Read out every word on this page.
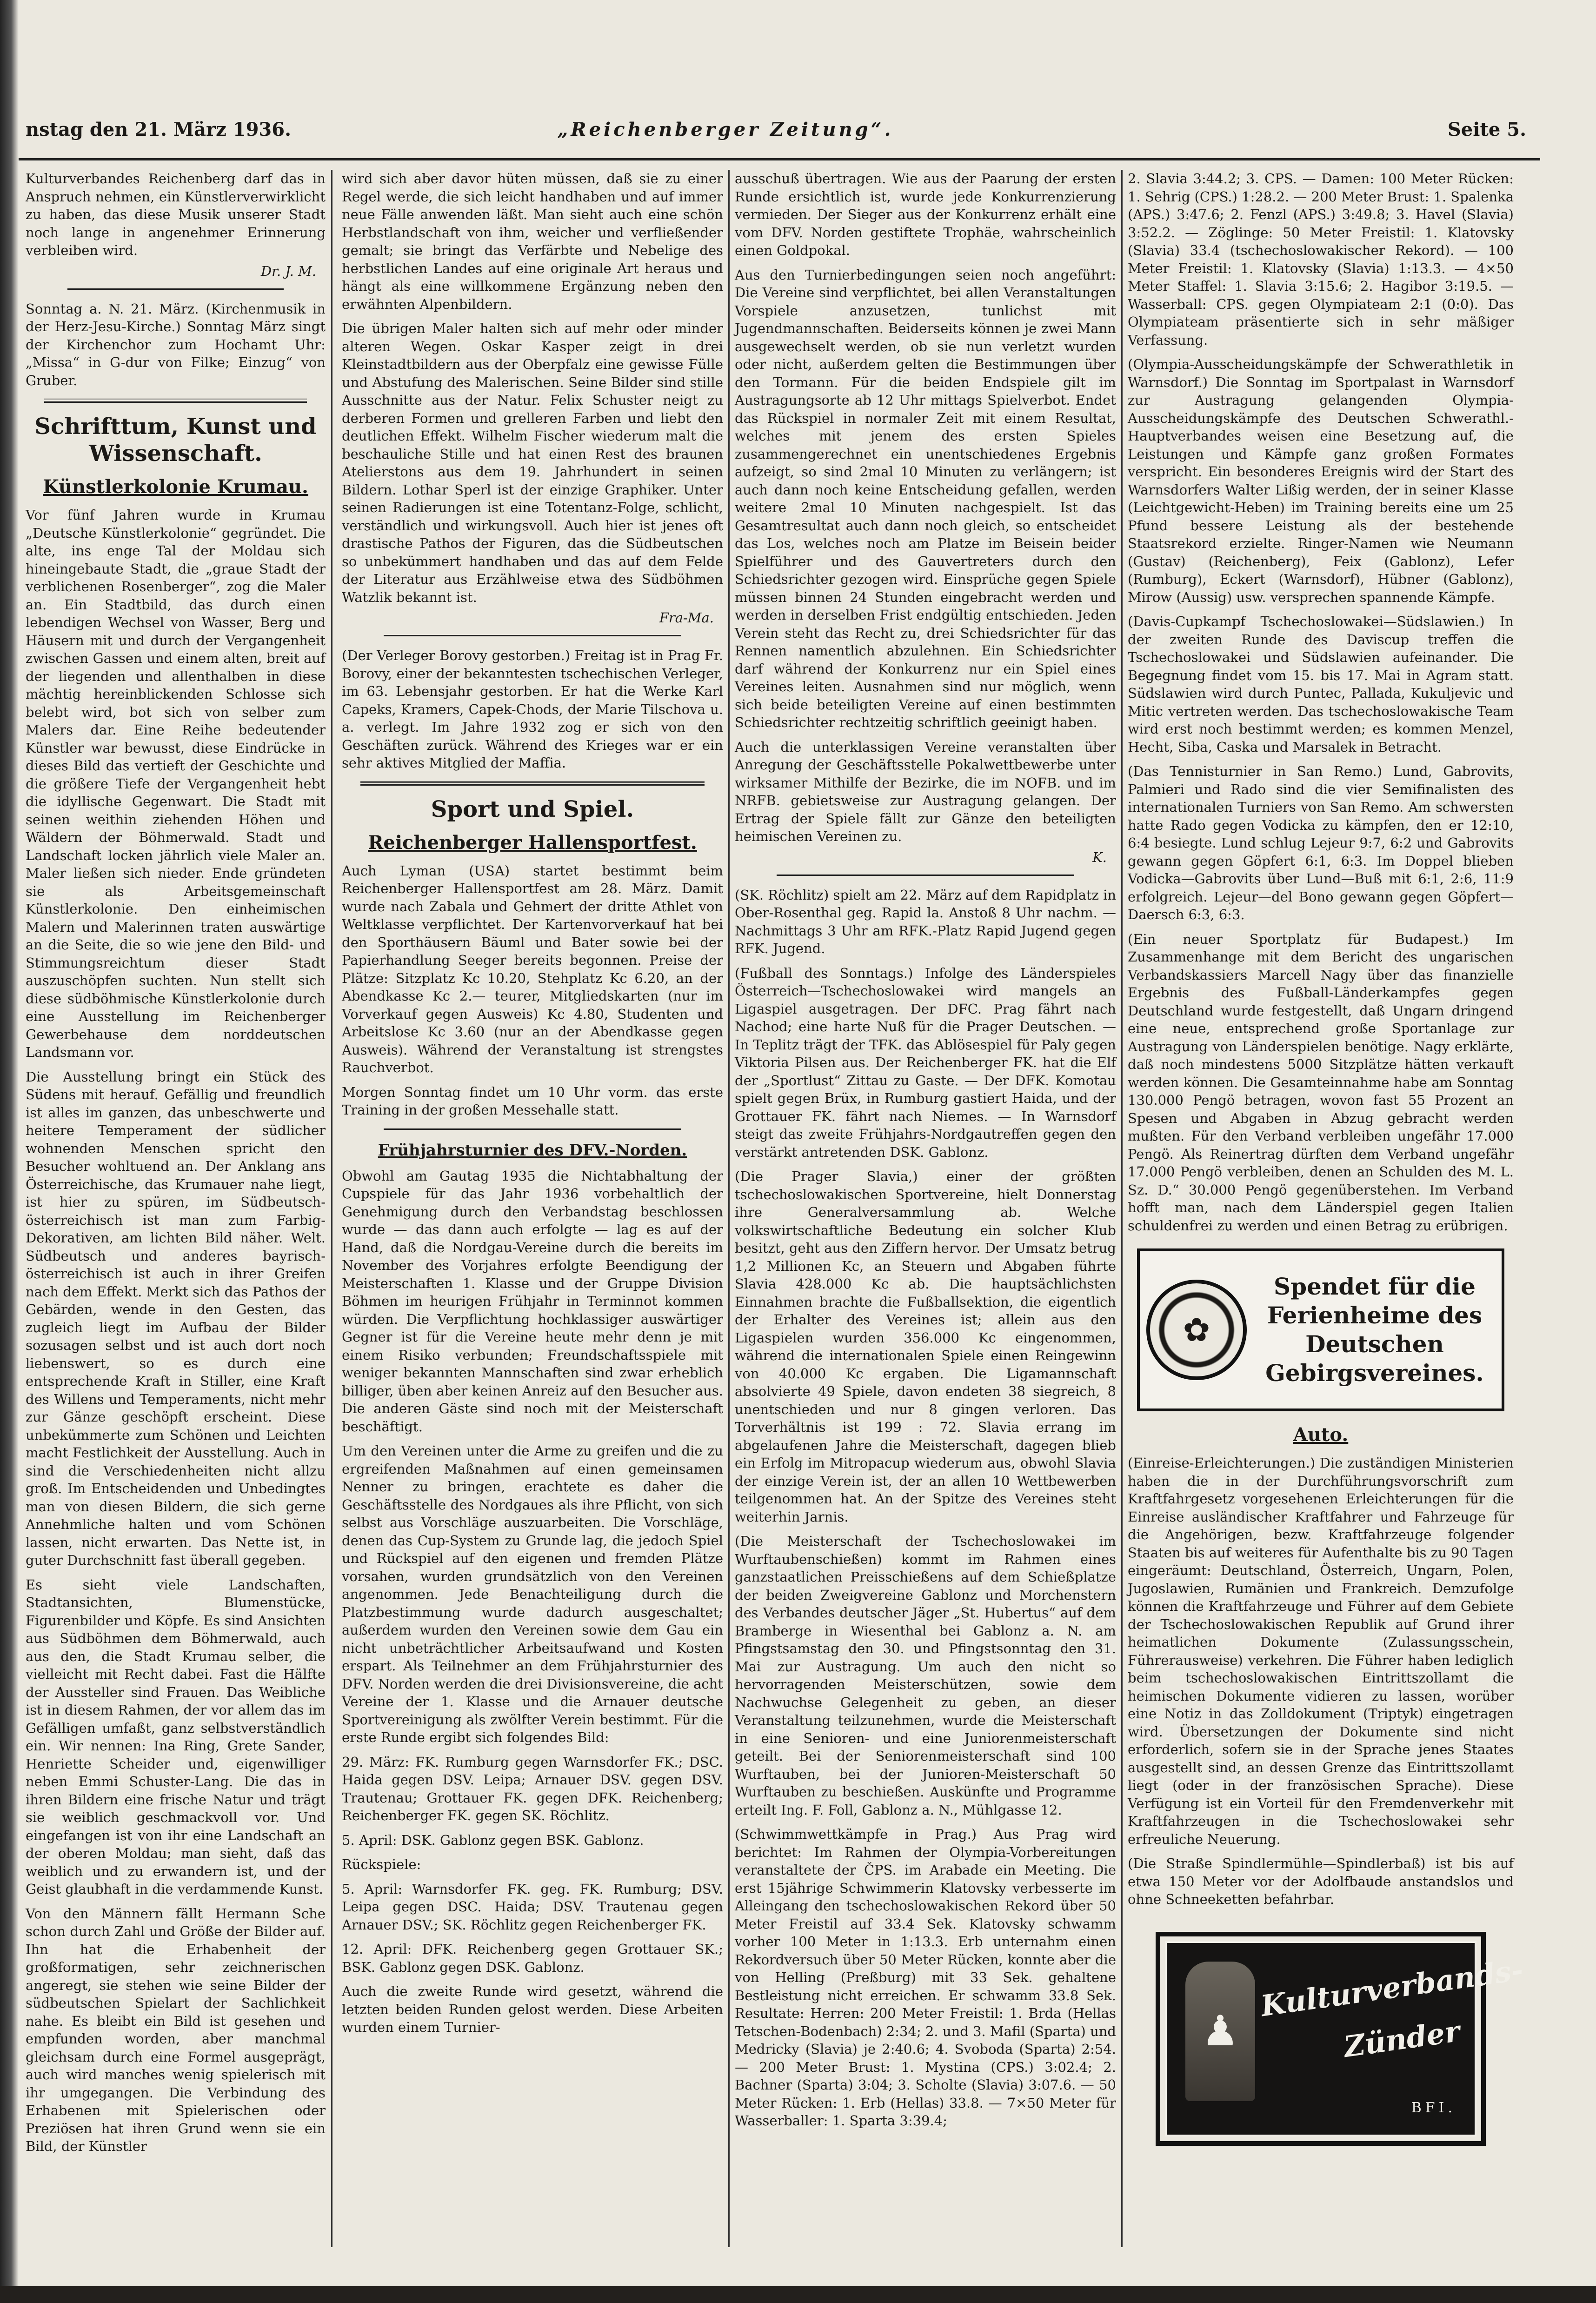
nstag den 21. März 1936.	„Reichenberger Zeitung“.	Seite 5.

Kulturverbandes Reichenberg darf das in Anspruch nehmen, ein Künstlerverwirklicht zu haben, das diese Musik unserer Stadt noch lange in angenehmer Erinnerung verbleiben wird.

Dr. J. M.

Sonntag a. N. 21. März. (Kirchenmusik in der Herz-Jesu-Kirche.) Sonntag März singt der Kirchenchor zum Hochamt Uhr: „Missa“ in G-dur von Filke; Einzug“ von Gruber.

Schrifttum, Kunst und Wissenschaft.
Künstlerkolonie Krumau.

Vor fünf Jahren wurde in Krumau „Deutsche Künstlerkolonie“ gegründet. Die alte, ins enge Tal der Moldau sich hineingebaute Stadt, die „graue Stadt der verblichenen Rosenberger“, zog die Maler an. Ein Stadtbild, das durch einen lebendigen Wechsel von Wasser, Berg und Häusern mit und durch der Vergangenheit zwischen Gassen und einem alten, breit auf der liegenden und allenthalben in diese mächtig hereinblickenden Schlosse sich belebt wird, bot sich von selber zum Malers dar. Eine Reihe bedeutender Künstler war bewusst, diese Eindrücke in dieses Bild das vertieft der Geschichte und die größere Tiefe der Vergangenheit hebt die idyllische Gegenwart. Die Stadt mit seinen weithin ziehenden Höhen und Wäldern der Böhmerwald. Stadt und Landschaft locken jährlich viele Maler an. Maler ließen sich nieder. Ende gründeten sie als Arbeitsgemeinschaft Künstlerkolonie. Den einheimischen Malern und Malerinnen traten auswärtige an die Seite, die so wie jene den Bild- und Stimmungsreichtum dieser Stadt auszuschöpfen suchten. Nun stellt sich diese südböhmische Künstlerkolonie durch eine Ausstellung im Reichenberger Gewerbehause dem norddeutschen Landsmann vor.

Die Ausstellung bringt ein Stück des Südens mit herauf. Gefällig und freundlich ist alles im ganzen, das unbeschwerte und heitere Temperament der südlicher wohnenden Menschen spricht den Besucher wohltuend an. Der Anklang ans Österreichische, das Krumauer nahe liegt, ist hier zu spüren, im Südbeutsch-österreichisch ist man zum Farbig-Dekorativen, am lichten Bild näher. Welt. Südbeutsch und anderes bayrisch-österreichisch ist auch in ihrer Greifen nach dem Effekt. Merkt sich das Pathos der Gebärden, wende in den Gesten, das zugleich liegt im Aufbau der Bilder sozusagen selbst und ist auch dort noch liebenswert, so es durch eine entsprechende Kraft in Stiller, eine Kraft des Willens und Temperaments, nicht mehr zur Gänze geschöpft erscheint. Diese unbekümmerte zum Schönen und Leichten macht Festlichkeit der Ausstellung. Auch in sind die Verschiedenheiten nicht allzu groß. Im Entscheidenden und Unbedingtes man von diesen Bildern, die sich gerne Annehmliche halten und vom Schönen lassen, nicht erwarten. Das Nette ist, in guter Durchschnitt fast überall gegeben.

Es sieht viele Landschaften, Stadtansichten, Blumenstücke, Figurenbilder und Köpfe. Es sind Ansichten aus Südböhmen dem Böhmerwald, auch aus den, die Stadt Krumau selber, die vielleicht mit Recht dabei. Fast die Hälfte der Aussteller sind Frauen. Das Weibliche ist in diesem Rahmen, der vor allem das im Gefälligen umfaßt, ganz selbstverständlich ein. Wir nennen: Ina Ring, Grete Sander, Henriette Scheider und, eigenwilliger neben Emmi Schuster-Lang. Die das in ihren Bildern eine frische Natur und trägt sie weiblich geschmackvoll vor. Und eingefangen ist von ihr eine Landschaft an der oberen Moldau; man sieht, daß das weiblich und zu erwandern ist, und der Geist glaubhaft in die verdammende Kunst.

Von den Männern fällt Hermann Sche schon durch Zahl und Größe der Bilder auf. Ihn hat die Erhabenheit der großformatigen, sehr zeichnerischen angeregt, sie stehen wie seine Bilder der südbeutschen Spielart der Sachlichkeit nahe. Es bleibt ein Bild ist gesehen und empfunden worden, aber manchmal gleichsam durch eine Formel ausgeprägt, auch wird manches wenig spielerisch mit ihr umgegangen. Die Verbindung des Erhabenen mit Spielerischen oder Preziösen hat ihren Grund wenn sie ein Bild, der Künstler

wird sich aber davor hüten müssen, daß sie zu einer Regel werde, die sich leicht handhaben und auf immer neue Fälle anwenden läßt. Man sieht auch eine schön Herbstlandschaft von ihm, weicher und verfließender gemalt; sie bringt das Verfärbte und Nebelige des herbstlichen Landes auf eine originale Art heraus und hängt als eine willkommene Ergänzung neben den erwähnten Alpenbildern.

Die übrigen Maler halten sich auf mehr oder minder alteren Wegen. Oskar Kasper zeigt in drei Kleinstadtbildern aus der Oberpfalz eine gewisse Fülle und Abstufung des Malerischen. Seine Bilder sind stille Ausschnitte aus der Natur. Felix Schuster neigt zu derberen Formen und grelleren Farben und liebt den deutlichen Effekt. Wilhelm Fischer wiederum malt die beschauliche Stille und hat einen Rest des braunen Atelierstons aus dem 19. Jahrhundert in seinen Bildern. Lothar Sperl ist der einzige Graphiker. Unter seinen Radierungen ist eine Totentanz-Folge, schlicht, verständlich und wirkungsvoll. Auch hier ist jenes oft drastische Pathos der Figuren, das die Südbeutschen so unbekümmert handhaben und das auf dem Felde der Literatur aus Erzählweise etwa des Südböhmen Watzlik bekannt ist.

Fra-Ma.

(Der Verleger Borovy gestorben.) Freitag ist in Prag Fr. Borovy, einer der bekanntesten tschechischen Verleger, im 63. Lebensjahr gestorben. Er hat die Werke Karl Capeks, Kramers, Capek-Chods, der Marie Tilschova u. a. verlegt. Im Jahre 1932 zog er sich von den Geschäften zurück. Während des Krieges war er ein sehr aktives Mitglied der Maffia.

Sport und Spiel.
Reichenberger Hallensportfest.

Auch Lyman (USA) startet bestimmt beim Reichenberger Hallensportfest am 28. März. Damit wurde nach Zabala und Gehmert der dritte Athlet von Weltklasse verpflichtet. Der Kartenvorverkauf hat bei den Sporthäusern Bäuml und Bater sowie bei der Papierhandlung Seeger bereits begonnen. Preise der Plätze: Sitzplatz Kc 10.20, Stehplatz Kc 6.20, an der Abendkasse Kc 2.— teurer, Mitgliedskarten (nur im Vorverkauf gegen Ausweis) Kc 4.80, Studenten und Arbeitslose Kc 3.60 (nur an der Abendkasse gegen Ausweis). Während der Veranstaltung ist strengstes Rauchverbot.

Morgen Sonntag findet um 10 Uhr vorm. das erste Training in der großen Messehalle statt.

Frühjahrsturnier des DFV.-Norden.

Obwohl am Gautag 1935 die Nichtabhaltung der Cupspiele für das Jahr 1936 vorbehaltlich der Genehmigung durch den Verbandstag beschlossen wurde — das dann auch erfolgte — lag es auf der Hand, daß die Nordgau-Vereine durch die bereits im November des Vorjahres erfolgte Beendigung der Meisterschaften 1. Klasse und der Gruppe Division Böhmen im heurigen Frühjahr in Terminnot kommen würden. Die Verpflichtung hochklassiger auswärtiger Gegner ist für die Vereine heute mehr denn je mit einem Risiko verbunden; Freundschaftsspiele mit weniger bekannten Mannschaften sind zwar erheblich billiger, üben aber keinen Anreiz auf den Besucher aus. Die anderen Gäste sind noch mit der Meisterschaft beschäftigt.

Um den Vereinen unter die Arme zu greifen und die zu ergreifenden Maßnahmen auf einen gemeinsamen Nenner zu bringen, erachtete es daher die Geschäftsstelle des Nordgaues als ihre Pflicht, von sich selbst aus Vorschläge auszuarbeiten. Die Vorschläge, denen das Cup-System zu Grunde lag, die jedoch Spiel und Rückspiel auf den eigenen und fremden Plätze vorsahen, wurden grundsätzlich von den Vereinen angenommen. Jede Benachteiligung durch die Platzbestimmung wurde dadurch ausgeschaltet; außerdem wurden den Vereinen sowie dem Gau ein nicht unbeträchtlicher Arbeitsaufwand und Kosten erspart. Als Teilnehmer an dem Frühjahrsturnier des DFV. Norden werden die drei Divisionsvereine, die acht Vereine der 1. Klasse und die Arnauer deutsche Sportvereinigung als zwölfter Verein bestimmt. Für die erste Runde ergibt sich folgendes Bild:

29. März: FK. Rumburg gegen Warnsdorfer FK.; DSC. Haida gegen DSV. Leipa; Arnauer DSV. gegen DSV. Trautenau; Grottauer FK. gegen DFK. Reichenberg; Reichenberger FK. gegen SK. Röchlitz.

5. April: DSK. Gablonz gegen BSK. Gablonz.

Rückspiele:

5. April: Warnsdorfer FK. geg. FK. Rumburg; DSV. Leipa gegen DSC. Haida; DSV. Trautenau gegen Arnauer DSV.; SK. Röchlitz gegen Reichenberger FK.

12. April: DFK. Reichenberg gegen Grottauer SK.; BSK. Gablonz gegen DSK. Gablonz.

Auch die zweite Runde wird gesetzt, während die letzten beiden Runden gelost werden. Diese Arbeiten wurden einem Turnier-

ausschuß übertragen. Wie aus der Paarung der ersten Runde ersichtlich ist, wurde jede Konkurrenzierung vermieden. Der Sieger aus der Konkurrenz erhält eine vom DFV. Norden gestiftete Trophäe, wahrscheinlich einen Goldpokal.

Aus den Turnierbedingungen seien noch angeführt: Die Vereine sind verpflichtet, bei allen Veranstaltungen Vorspiele anzusetzen, tunlichst mit Jugendmannschaften. Beiderseits können je zwei Mann ausgewechselt werden, ob sie nun verletzt wurden oder nicht, außerdem gelten die Bestimmungen über den Tormann. Für die beiden Endspiele gilt im Austragungsorte ab 12 Uhr mittags Spielverbot. Endet das Rückspiel in normaler Zeit mit einem Resultat, welches mit jenem des ersten Spieles zusammengerechnet ein unentschiedenes Ergebnis aufzeigt, so sind 2mal 10 Minuten zu verlängern; ist auch dann noch keine Entscheidung gefallen, werden weitere 2mal 10 Minuten nachgespielt. Ist das Gesamtresultat auch dann noch gleich, so entscheidet das Los, welches noch am Platze im Beisein beider Spielführer und des Gauvertreters durch den Schiedsrichter gezogen wird. Einsprüche gegen Spiele müssen binnen 24 Stunden eingebracht werden und werden in derselben Frist endgültig entschieden. Jeden Verein steht das Recht zu, drei Schiedsrichter für das Rennen namentlich abzulehnen. Ein Schiedsrichter darf während der Konkurrenz nur ein Spiel eines Vereines leiten. Ausnahmen sind nur möglich, wenn sich beide beteiligten Vereine auf einen bestimmten Schiedsrichter rechtzeitig schriftlich geeinigt haben.

Auch die unterklassigen Vereine veranstalten über Anregung der Geschäftsstelle Pokalwettbewerbe unter wirksamer Mithilfe der Bezirke, die im NOFB. und im NRFB. gebietsweise zur Austragung gelangen. Der Ertrag der Spiele fällt zur Gänze den beteiligten heimischen Vereinen zu.

K.

(SK. Röchlitz) spielt am 22. März auf dem Rapidplatz in Ober-Rosenthal geg. Rapid la. Anstoß 8 Uhr nachm. — Nachmittags 3 Uhr am RFK.-Platz Rapid Jugend gegen RFK. Jugend.

(Fußball des Sonntags.) Infolge des Länderspieles Österreich—Tschechoslowakei wird mangels an Ligaspiel ausgetragen. Der DFC. Prag fährt nach Nachod; eine harte Nuß für die Prager Deutschen. — In Teplitz trägt der TFK. das Ablösespiel für Paly gegen Viktoria Pilsen aus. Der Reichenberger FK. hat die Elf der „Sportlust“ Zittau zu Gaste. — Der DFK. Komotau spielt gegen Brüx, in Rumburg gastiert Haida, und der Grottauer FK. fährt nach Niemes. — In Warnsdorf steigt das zweite Frühjahrs-Nordgautreffen gegen den verstärkt antretenden DSK. Gablonz.

(Die Prager Slavia,) einer der größten tschechoslowakischen Sportvereine, hielt Donnerstag ihre Generalversammlung ab. Welche volkswirtschaftliche Bedeutung ein solcher Klub besitzt, geht aus den Ziffern hervor. Der Umsatz betrug 1,2 Millionen Kc, an Steuern und Abgaben führte Slavia 428.000 Kc ab. Die hauptsächlichsten Einnahmen brachte die Fußballsektion, die eigentlich der Erhalter des Vereines ist; allein aus den Ligaspielen wurden 356.000 Kc eingenommen, während die internationalen Spiele einen Reingewinn von 40.000 Kc ergaben. Die Ligamannschaft absolvierte 49 Spiele, davon endeten 38 siegreich, 8 unentschieden und nur 8 gingen verloren. Das Torverhältnis ist 199 : 72. Slavia errang im abgelaufenen Jahre die Meisterschaft, dagegen blieb ein Erfolg im Mitropacup wiederum aus, obwohl Slavia der einzige Verein ist, der an allen 10 Wettbewerben teilgenommen hat. An der Spitze des Vereines steht weiterhin Jarnis.

(Die Meisterschaft der Tschechoslowakei im Wurftaubenschießen) kommt im Rahmen eines ganzstaatlichen Preisschießens auf dem Schießplatze der beiden Zweigvereine Gablonz und Morchenstern des Verbandes deutscher Jäger „St. Hubertus“ auf dem Bramberge in Wiesenthal bei Gablonz a. N. am Pfingstsamstag den 30. und Pfingstsonntag den 31. Mai zur Austragung. Um auch den nicht so hervorragenden Meisterschützen, sowie dem Nachwuchse Gelegenheit zu geben, an dieser Veranstaltung teilzunehmen, wurde die Meisterschaft in eine Senioren- und eine Juniorenmeisterschaft geteilt. Bei der Seniorenmeisterschaft sind 100 Wurftauben, bei der Junioren-Meisterschaft 50 Wurftauben zu beschießen. Auskünfte und Programme erteilt Ing. F. Foll, Gablonz a. N., Mühlgasse 12.

(Schwimmwettkämpfe in Prag.) Aus Prag wird berichtet: Im Rahmen der Olympia-Vorbereitungen veranstaltete der ČPS. im Arabade ein Meeting. Die erst 15jährige Schwimmerin Klatovsky verbesserte im Alleingang den tschechoslowakischen Rekord über 50 Meter Freistil auf 33.4 Sek. Klatovsky schwamm vorher 100 Meter in 1:13.3. Erb unternahm einen Rekordversuch über 50 Meter Rücken, konnte aber die von Helling (Preßburg) mit 33 Sek. gehaltene Bestleistung nicht erreichen. Er schwamm 33.8 Sek. Resultate: Herren: 200 Meter Freistil: 1. Brda (Hellas Tetschen-Bodenbach) 2:34; 2. und 3. Mafil (Sparta) und Medricky (Slavia) je 2:40.6; 4. Svoboda (Sparta) 2:54. — 200 Meter Brust: 1. Mystina (CPS.) 3:02.4; 2. Bachner (Sparta) 3:04; 3. Scholte (Slavia) 3:07.6. — 50 Meter Rücken: 1. Erb (Hellas) 33.8. — 7×50 Meter für Wasserballer: 1. Sparta 3:39.4;

2. Slavia 3:44.2; 3. CPS. — Damen: 100 Meter Rücken: 1. Sehrig (CPS.) 1:28.2. — 200 Meter Brust: 1. Spalenka (APS.) 3:47.6; 2. Fenzl (APS.) 3:49.8; 3. Havel (Slavia) 3:52.2. — Zöglinge: 50 Meter Freistil: 1. Klatovsky (Slavia) 33.4 (tschechoslowakischer Rekord). — 100 Meter Freistil: 1. Klatovsky (Slavia) 1:13.3. — 4×50 Meter Staffel: 1. Slavia 3:15.6; 2. Hagibor 3:19.5. — Wasserball: CPS. gegen Olympiateam 2:1 (0:0). Das Olympiateam präsentierte sich in sehr mäßiger Verfassung.

(Olympia-Ausscheidungskämpfe der Schwerathletik in Warnsdorf.) Die Sonntag im Sportpalast in Warnsdorf zur Austragung gelangenden Olympia-Ausscheidungskämpfe des Deutschen Schwerathl.-Hauptverbandes weisen eine Besetzung auf, die Leistungen und Kämpfe ganz großen Formates verspricht. Ein besonderes Ereignis wird der Start des Warnsdorfers Walter Lißig werden, der in seiner Klasse (Leichtgewicht-Heben) im Training bereits eine um 25 Pfund bessere Leistung als der bestehende Staatsrekord erzielte. Ringer-Namen wie Neumann (Gustav) (Reichenberg), Feix (Gablonz), Lefer (Rumburg), Eckert (Warnsdorf), Hübner (Gablonz), Mirow (Aussig) usw. versprechen spannende Kämpfe.

(Davis-Cupkampf Tschechoslowakei—Südslawien.) In der zweiten Runde des Daviscup treffen die Tschechoslowakei und Südslawien aufeinander. Die Begegnung findet vom 15. bis 17. Mai in Agram statt. Südslawien wird durch Puntec, Pallada, Kukuljevic und Mitic vertreten werden. Das tschechoslowakische Team wird erst noch bestimmt werden; es kommen Menzel, Hecht, Siba, Caska und Marsalek in Betracht.

(Das Tennisturnier in San Remo.) Lund, Gabrovits, Palmieri und Rado sind die vier Semifinalisten des internationalen Turniers von San Remo. Am schwersten hatte Rado gegen Vodicka zu kämpfen, den er 12:10, 6:4 besiegte. Lund schlug Lejeur 9:7, 6:2 und Gabrovits gewann gegen Göpfert 6:1, 6:3. Im Doppel blieben Vodicka—Gabrovits über Lund—Buß mit 6:1, 2:6, 11:9 erfolgreich. Lejeur—del Bono gewann gegen Göpfert—Daersch 6:3, 6:3.

(Ein neuer Sportplatz für Budapest.) Im Zusammenhange mit dem Bericht des ungarischen Verbandskassiers Marcell Nagy über das finanzielle Ergebnis des Fußball-Länderkampfes gegen Deutschland wurde festgestellt, daß Ungarn dringend eine neue, entsprechend große Sportanlage zur Austragung von Länderspielen benötige. Nagy erklärte, daß noch mindestens 5000 Sitzplätze hätten verkauft werden können. Die Gesamteinnahme habe am Sonntag 130.000 Pengö betragen, wovon fast 55 Prozent an Spesen und Abgaben in Abzug gebracht werden mußten. Für den Verband verbleiben ungefähr 17.000 Pengö. Als Reinertrag dürften dem Verband ungefähr 17.000 Pengö verbleiben, denen an Schulden des M. L. Sz. D.“ 30.000 Pengö gegenüberstehen. Im Verband hofft man, nach dem Länderspiel gegen Italien schuldenfrei zu werden und einen Betrag zu erübrigen.

✿
Spendet für die Ferienheime des Deutschen Gebirgsvereines.
Auto.

(Einreise-Erleichterungen.) Die zuständigen Ministerien haben die in der Durchführungsvorschrift zum Kraftfahrgesetz vorgesehenen Erleichterungen für die Einreise ausländischer Kraftfahrer und Fahrzeuge für die Angehörigen, bezw. Kraftfahrzeuge folgender Staaten bis auf weiteres für Aufenthalte bis zu 90 Tagen eingeräumt: Deutschland, Österreich, Ungarn, Polen, Jugoslawien, Rumänien und Frankreich. Demzufolge können die Kraftfahrzeuge und Führer auf dem Gebiete der Tschechoslowakischen Republik auf Grund ihrer heimatlichen Dokumente (Zulassungsschein, Führerausweise) verkehren. Die Führer haben lediglich beim tschechoslowakischen Eintrittszollamt die heimischen Dokumente vidieren zu lassen, worüber eine Notiz in das Zolldokument (Triptyk) eingetragen wird. Übersetzungen der Dokumente sind nicht erforderlich, sofern sie in der Sprache jenes Staates ausgestellt sind, an dessen Grenze das Eintrittszollamt liegt (oder in der französischen Sprache). Diese Verfügung ist ein Vorteil für den Fremdenverkehr mit Kraftfahrzeugen in die Tschechoslowakei sehr erfreuliche Neuerung.

(Die Straße Spindlermühle—Spindlerbaß) ist bis auf etwa 150 Meter vor der Adolfbaude anstandslos und ohne Schneeketten befahrbar.

♟
Kulturverbands-
Zünder
BFI.
